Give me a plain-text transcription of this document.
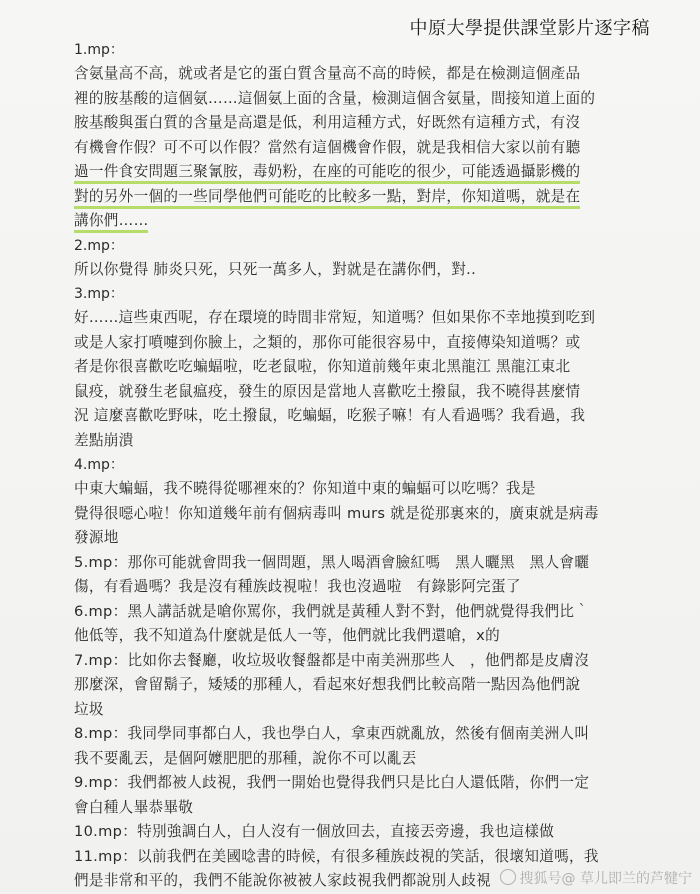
中原大學提供課堂影片逐字稿
1.mp：
含氨量高不高，就或者是它的蛋白質含量高不高的時候，都是在檢測這個產品
裡的胺基酸的這個氨……這個氨上面的含量，檢測這個含氨量，間接知道上面的
胺基酸與蛋白質的含量是高還是低，利用這種方式，好既然有這種方式，有沒
有機會作假？可不可以作假？當然有這個機會作假，就是我相信大家以前有聽
過一件食安問題三聚氰胺，毒奶粉，在座的可能吃的很少，可能透過攝影機的
對的另外一個的一些同學他們可能吃的比較多一點，對岸，你知道嗎，就是在
講你們……
2.mp：
所以你覺得 肺炎只死，只死一萬多人，對就是在講你們，對..
3.mp：
好……這些東西呢，存在環境的時間非常短，知道嗎？但如果你不幸地摸到吃到
或是人家打噴嚏到你臉上，之類的，那你可能很容易中，直接傳染知道嗎？或
者是你很喜歡吃吃蝙蝠啦，吃老鼠啦，你知道前幾年東北黑龍江 黑龍江東北
鼠疫，就發生老鼠瘟疫，發生的原因是當地人喜歡吃土撥鼠，我不曉得甚麼情
況 這麼喜歡吃野味，吃土撥鼠，吃蝙蝠，吃猴子嘛！有人看過嗎？我看過，我
差點崩潰
4.mp：
中東大蝙蝠，我不曉得從哪裡來的？你知道中東的蝙蝠可以吃嗎？我是
覺得很噁心啦！你知道幾年前有個病毒叫 murs 就是從那裏來的，廣東就是病毒
發源地
5.mp：那你可能就會問我一個問題，黑人喝酒會臉紅嗎　黑人曬黑　黑人會曬
傷，有看過嗎？我是沒有種族歧視啦！我也沒過啦　有錄影阿完蛋了
6.mp：黑人講話就是嗆你罵你，我們就是黃種人對不對，他們就覺得我們比｀
他低等，我不知道為什麼就是低人一等，他們就比我們還嗆，x的
7.mp：比如你去餐廳，收垃圾收餐盤都是中南美洲那些人　，他們都是皮膚沒
那麼深，會留鬍子，矮矮的那種人，看起來好想我們比較高階一點因為他們說
垃圾
8.mp：我同學同事都白人，我也學白人，拿東西就亂放，然後有個南美洲人叫
我不要亂丟，是個阿嬤肥肥的那種，說你不可以亂丟
9.mp：我們都被人歧視，我們一開始也覺得我們只是比白人還低階，你們一定
會白種人畢恭畢敬
10.mp：特別強調白人，白人沒有一個放回去，直接丟旁邊，我也這樣做
11.mp：以前我們在美國唸書的時候，有很多種族歧視的笑話，很壞知道嗎，我
們是非常和平的，我們不能說你被被人家歧視我們都說別人歧視	搜狐号@ 草儿即兰的芦犍宁
